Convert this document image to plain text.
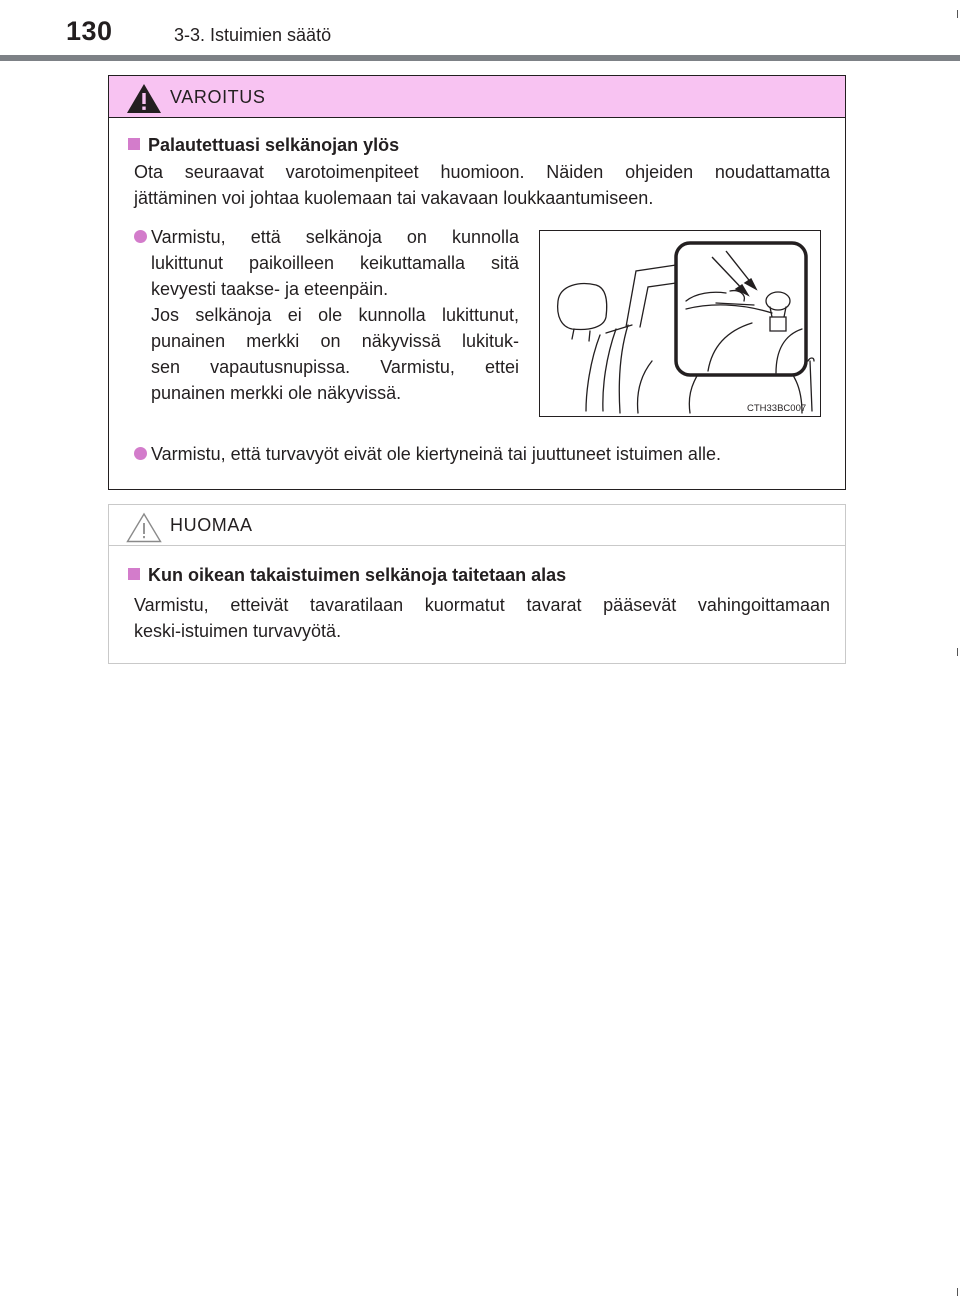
130	3-3. Istuimien säätö
VAROITUS
Palautettuasi selkänojan ylös
Ota seuraavat varotoimenpiteet huomioon. Näiden ohjeiden noudattamatta
jättäminen voi johtaa kuolemaan tai vakavaan loukkaantumiseen.
Varmistu, että selkänoja on kunnolla
lukittunut paikoilleen keikuttamalla sitä
kevyesti taakse- ja eteenpäin.
Jos selkänoja ei ole kunnolla lukittunut,
punainen merkki on näkyvissä lukituk-
sen vapautusnupissa. Varmistu, ettei
punainen merkki ole näkyvissä.
CTH33BC007
Varmistu, että turvavyöt eivät ole kiertyneinä tai juuttuneet istuimen alle.
HUOMAA
Kun oikean takaistuimen selkänoja taitetaan alas
Varmistu, etteivät tavaratilaan kuormatut tavarat pääsevät vahingoittamaan
keski-istuimen turvavyötä.
